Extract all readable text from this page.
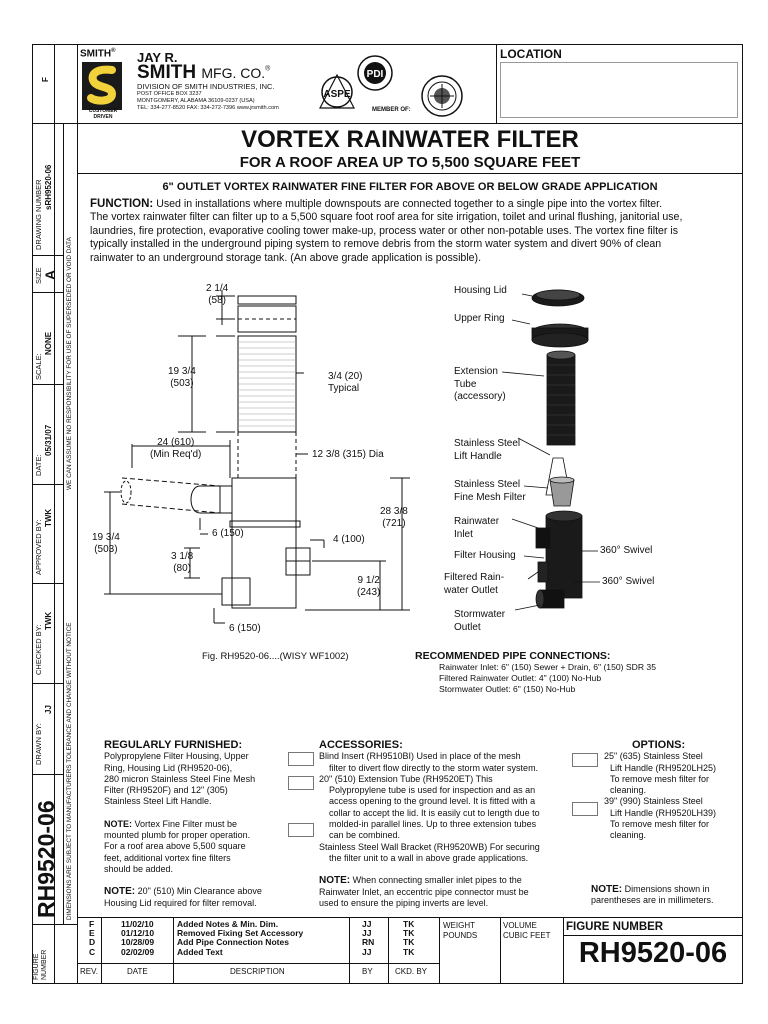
F
DRAWING NUMBER sRH9520-06
SIZE A
SCALE:
NONE
DATE:
05/31/07
APPROVED BY:
TWK
CHECKED BY:
TWK
DRAWN BY:
JJ
RH9520-06
FIGURE NUMBER
WE CAN ASSUME NO RESPONSIBILITY FOR USE OF SUPERSEDED OR VOID DATA
DIMENSIONS ARE SUBJECT TO MANUFACTURERS TOLERANCE AND CHANGE WITHOUT NOTICE
SMITH®
CUSTOMER DRIVEN
JAY R.
SMITH MFG. CO.®
DIVISION OF SMITH INDUSTRIES, INC.
POST OFFICE BOX 3237
MONTGOMERY, ALABAMA 36109-0237 (USA)
TEL: 334-277-8520 FAX: 334-272-7396 www.jrsmith.com
ASPE
PDI
MEMBER OF:
LOCATION
VORTEX RAINWATER FILTER
FOR A ROOF AREA UP TO 5,500 SQUARE FEET
6" OUTLET VORTEX RAINWATER FINE FILTER FOR ABOVE OR BELOW GRADE APPLICATION
FUNCTION: Used in installations where multiple downspouts are connected together to a single pipe into the vortex filter.
The vortex rainwater filter can filter up to a 5,500 square foot roof area for site irrigation, toilet and urinal flushing, janitorial use,
laundries, fire protection, evaporative cooling tower make-up, process water or other non-potable uses. The vortex fine filter is
typically installed in the underground piping system to remove debris from the storm water system and divert 90% of clean
rainwater to an underground storage tank. (An above grade application is possible).
2 1/4
(58)
19 3/4
(503)
3/4 (20)
Typical
24 (610)
(Min Req'd)	12 3/8 (315) Dia
28 3/8
(721)
19 3/4
(503)
6 (150)
4 (100)
3 1/8
(80)
9 1/2
(243)
6 (150)
Fig. RH9520-06....(WISY WF1002)
Housing Lid
Upper Ring
Extension
Tube
(accessory)
Stainless Steel
Lift Handle
Stainless Steel
Fine Mesh Filter
Rainwater
Inlet
Filter Housing	360° Swivel
Filtered Rain-
water Outlet
360° Swivel
Stormwater
Outlet
RECOMMENDED PIPE CONNECTIONS:
Rainwater Inlet: 6" (150) Sewer + Drain, 6" (150) SDR 35
Filtered Rainwater Outlet: 4" (100) No-Hub
Stormwater Outlet: 6" (150) No-Hub
REGULARLY FURNISHED:
Polypropylene Filter Housing, Upper
Ring, Housing Lid (RH9520-06),
280 micron Stainless Steel Fine Mesh
Filter (RH9520F) and 12" (305)
Stainless Steel Lift Handle.
NOTE: Vortex Fine Filter must be
mounted plumb for proper operation.
For a roof area above 5,500 square
feet, additional vortex fine filters
should be added.
NOTE: 20" (510) Min Clearance above
Housing Lid required for filter removal.
ACCESSORIES:
Blind Insert (RH9510BI) Used in place of the mesh
filter to divert flow directly to the storm water system.
20" (510) Extension Tube (RH9520ET) This
Polypropylene tube is used for inspection and as an
access opening to the ground level. It is fitted with a
collar to accept the lid. It is easily cut to length due to
molded-in parallel lines. Up to three extension tubes
can be combined.
Stainless Steel Wall Bracket (RH9520WB) For securing
the filter unit to a wall in above grade applications.
NOTE: When connecting smaller inlet pipes to the
Rainwater Inlet, an eccentric pipe connector must be
used to ensure the piping inverts are level.
OPTIONS:
25" (635) Stainless Steel
Lift Handle (RH9520LH25)
To remove mesh filter for
cleaning.
39" (990) Stainless Steel
Lift Handle (RH9520LH39)
To remove mesh filter for
cleaning.
NOTE: Dimensions shown in
parentheses are in millimeters.
F	11/02/10	Added Notes & Min. Dim.	JJ	TK
E	01/12/10	Removed Fixing Set Accessory	JJ	TK
D	10/28/09	Add Pipe Connection Notes	RN	TK
C	02/02/09	Added Text	JJ	TK
REV.	DATE	DESCRIPTION	BY	CKD. BY
WEIGHT
POUNDS
VOLUME
CUBIC FEET
FIGURE NUMBER
RH9520-06
